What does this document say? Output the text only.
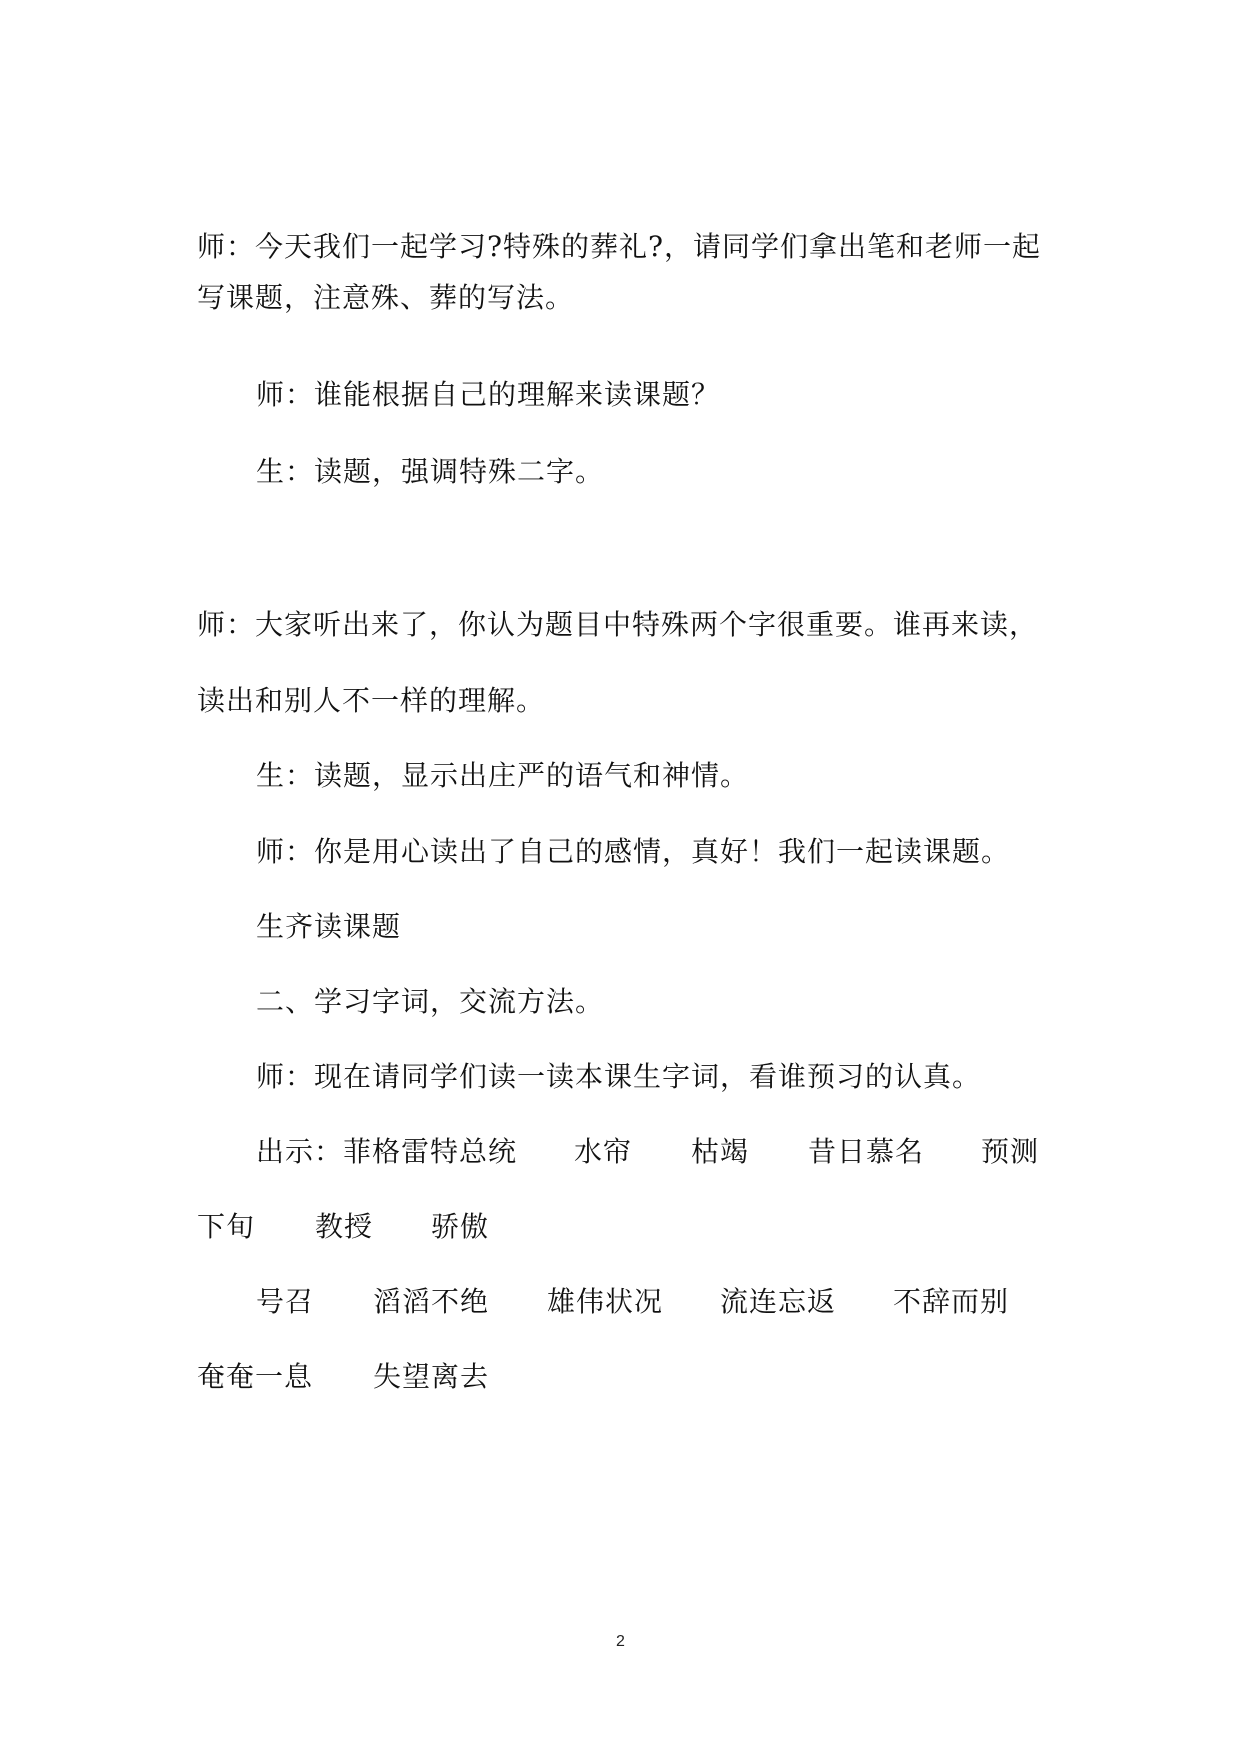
师：今天我们一起学习?特殊的葬礼?，请同学们拿出笔和老师一起
写课题，注意殊、葬的写法。
师：谁能根据自己的理解来读课题？
生：读题，强调特殊二字。
师：大家听出来了，你认为题目中特殊两个字很重要。谁再来读，
读出和别人不一样的理解。
生：读题，显示出庄严的语气和神情。
师：你是用心读出了自己的感情，真好！我们一起读课题。
生齐读课题
二、学习字词，交流方法。
师：现在请同学们读一读本课生字词，看谁预习的认真。
出示：菲格雷特总统 水帘 枯竭 昔日慕名 预测
下旬 教授 骄傲
号召 滔滔不绝 雄伟状况 流连忘返 不辞而别
奄奄一息 失望离去
2
